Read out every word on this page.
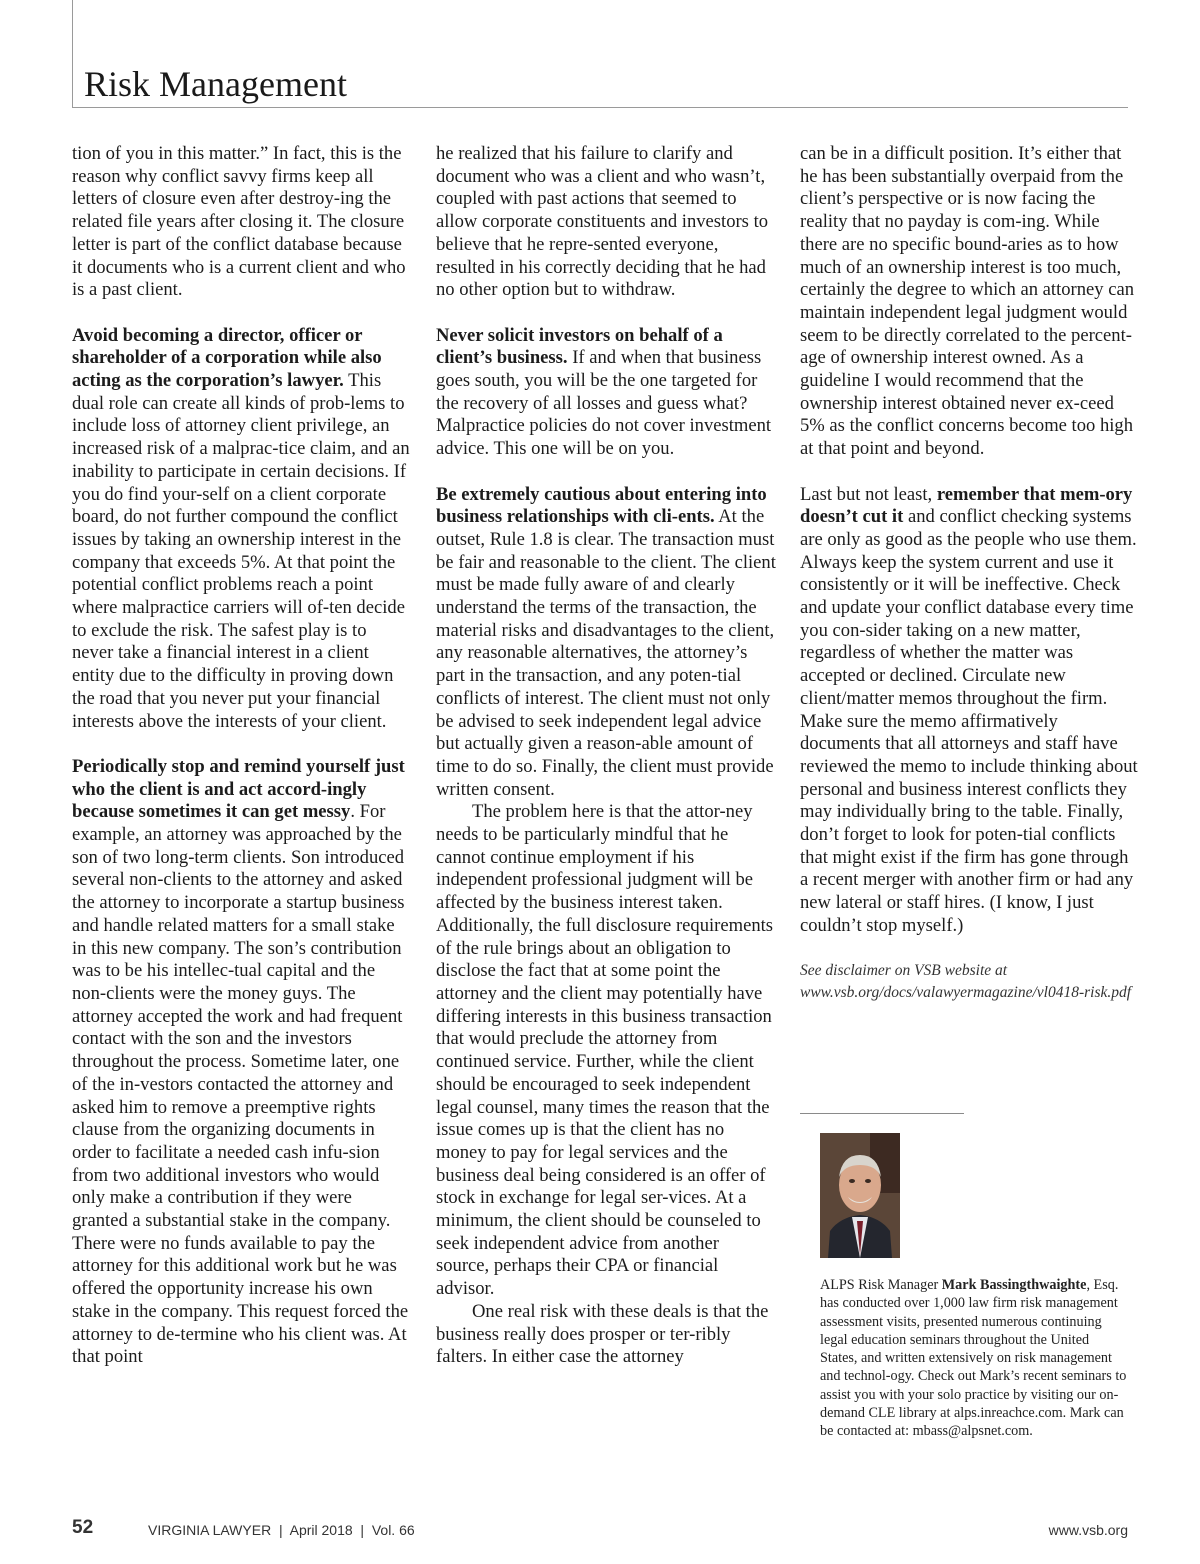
Risk Management

tion of you in this matter.” In fact, this is the reason why conflict savvy firms keep all letters of closure even after destroy-ing the related file years after closing it. The closure letter is part of the conflict database because it documents who is a current client and who is a past client.

Avoid becoming a director, officer or shareholder of a corporation while also acting as the corporation’s lawyer. This dual role can create all kinds of prob-lems to include loss of attorney client privilege, an increased risk of a malprac-tice claim, and an inability to participate in certain decisions. If you do find your-self on a client corporate board, do not further compound the conflict issues by taking an ownership interest in the company that exceeds 5%. At that point the potential conflict problems reach a point where malpractice carriers will of-ten decide to exclude the risk. The safest play is to never take a financial interest in a client entity due to the difficulty in proving down the road that you never put your financial interests above the interests of your client.

Periodically stop and remind yourself just who the client is and act accord-ingly because sometimes it can get messy. For example, an attorney was approached by the son of two long-term clients. Son introduced several non-clients to the attorney and asked the attorney to incorporate a startup business and handle related matters for a small stake in this new company. The son’s contribution was to be his intellec-tual capital and the non-clients were the money guys. The attorney accepted the work and had frequent contact with the son and the investors throughout the process. Sometime later, one of the in-vestors contacted the attorney and asked him to remove a preemptive rights clause from the organizing documents in order to facilitate a needed cash infu-sion from two additional investors who would only make a contribution if they were granted a substantial stake in the company. There were no funds available to pay the attorney for this additional work but he was offered the opportunity increase his own stake in the company. This request forced the attorney to de-termine who his client was. At that point

he realized that his failure to clarify and document who was a client and who wasn’t, coupled with past actions that seemed to allow corporate constituents and investors to believe that he repre-sented everyone, resulted in his correctly deciding that he had no other option but to withdraw.

Never solicit investors on behalf of a client’s business. If and when that business goes south, you will be the one targeted for the recovery of all losses and guess what? Malpractice policies do not cover investment advice. This one will be on you.

Be extremely cautious about entering into business relationships with cli-ents. At the outset, Rule 1.8 is clear. The transaction must be fair and reasonable to the client. The client must be made fully aware of and clearly understand the terms of the transaction, the material risks and disadvantages to the client, any reasonable alternatives, the attorney’s part in the transaction, and any poten-tial conflicts of interest. The client must not only be advised to seek independent legal advice but actually given a reason-able amount of time to do so. Finally, the client must provide written consent.

The problem here is that the attor-ney needs to be particularly mindful that he cannot continue employment if his independent professional judgment will be affected by the business interest taken. Additionally, the full disclosure requirements of the rule brings about an obligation to disclose the fact that at some point the attorney and the client may potentially have differing interests in this business transaction that would preclude the attorney from continued service. Further, while the client should be encouraged to seek independent legal counsel, many times the reason that the issue comes up is that the client has no money to pay for legal services and the business deal being considered is an offer of stock in exchange for legal ser-vices. At a minimum, the client should be counseled to seek independent advice from another source, perhaps their CPA or financial advisor.

One real risk with these deals is that the business really does prosper or ter-ribly falters. In either case the attorney

can be in a difficult position. It’s either that he has been substantially overpaid from the client’s perspective or is now facing the reality that no payday is com-ing. While there are no specific bound-aries as to how much of an ownership interest is too much, certainly the degree to which an attorney can maintain independent legal judgment would seem to be directly correlated to the percent-age of ownership interest owned. As a guideline I would recommend that the ownership interest obtained never ex-ceed 5% as the conflict concerns become too high at that point and beyond.

Last but not least, remember that mem-ory doesn’t cut it and conflict checking systems are only as good as the people who use them. Always keep the system current and use it consistently or it will be ineffective. Check and update your conflict database every time you con-sider taking on a new matter, regardless of whether the matter was accepted or declined. Circulate new client/matter memos throughout the firm. Make sure the memo affirmatively documents that all attorneys and staff have reviewed the memo to include thinking about personal and business interest conflicts they may individually bring to the table. Finally, don’t forget to look for poten-tial conflicts that might exist if the firm has gone through a recent merger with another firm or had any new lateral or staff hires. (I know, I just couldn’t stop myself.)

See disclaimer on VSB website at www.vsb.org/docs/valawyermagazine/vl0418-risk.pdf

ALPS Risk Manager Mark Bassingthwaighte, Esq. has conducted over 1,000 law firm risk management assessment visits, presented numerous continuing legal education seminars throughout the United States, and written extensively on risk management and technol-ogy. Check out Mark’s recent seminars to assist you with your solo practice by visiting our on-demand CLE library at alps.inreachce.com. Mark can be contacted at: mbass@alpsnet.com.

52	VIRGINIA LAWYER  |  April 2018  |  Vol. 66	www.vsb.org
